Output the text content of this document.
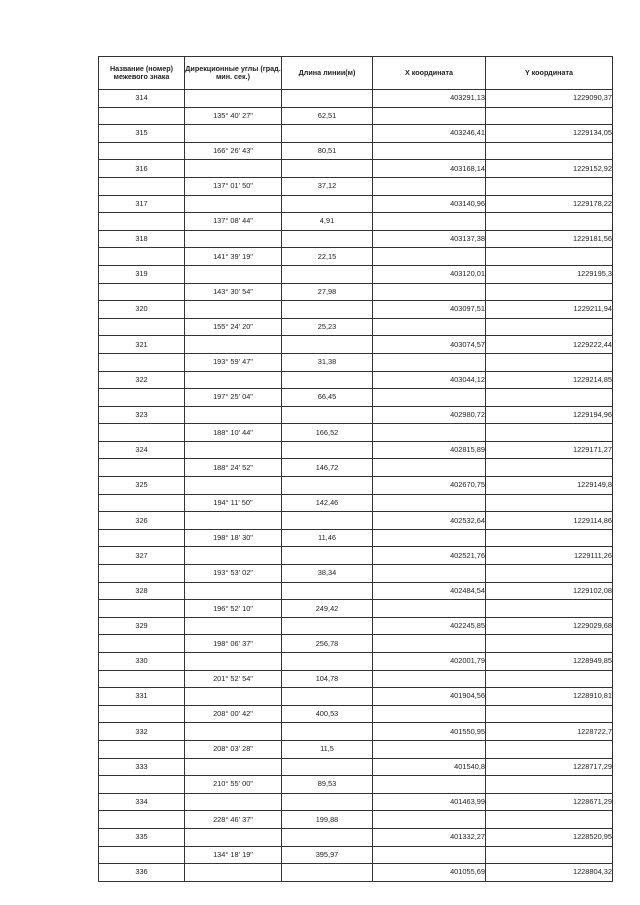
Название (номер) межевого знака	Дирекционные углы (град. мин. сек.)	Длина линии(м)	X координата	Y координата
314			403291,13	1229090,37
	135° 40' 27"	62,51		
315			403246,41	1229134,05
	166° 26' 43"	80,51		
316			403168,14	1229152,92
	137° 01' 50"	37,12		
317			403140,96	1229178,22
	137° 08' 44"	4,91		
318			403137,38	1229181,56
	141° 39' 19"	22,15		
319			403120,01	1229195,3
	143° 30' 54"	27,98		
320			403097,51	1229211,94
	155° 24' 20"	25,23		
321			403074,57	1229222,44
	193° 59' 47"	31,38		
322			403044,12	1229214,85
	197° 25' 04"	66,45		
323			402980,72	1229194,96
	188° 10' 44"	166,52		
324			402815,89	1229171,27
	188° 24' 52"	146,72		
325			402670,75	1229149,8
	194° 11' 50"	142,46		
326			402532,64	1229114,86
	198° 18' 30"	11,46		
327			402521,76	1229111,26
	193° 53' 02"	38,34		
328			402484,54	1229102,08
	196° 52' 10"	249,42		
329			402245,85	1229029,68
	198° 06' 37"	256,78		
330			402001,79	1228949,85
	201° 52' 54"	104,78		
331			401904,56	1228910,81
	208° 00' 42"	400,53		
332			401550,95	1228722,7
	208° 03' 28"	11,5		
333			401540,8	1228717,29
	210° 55' 00"	89,53		
334			401463,99	1228671,29
	228° 46' 37"	199,88		
335			401332,27	1228520,95
	134° 18' 19"	395,97		
336			401055,69	1228804,32
